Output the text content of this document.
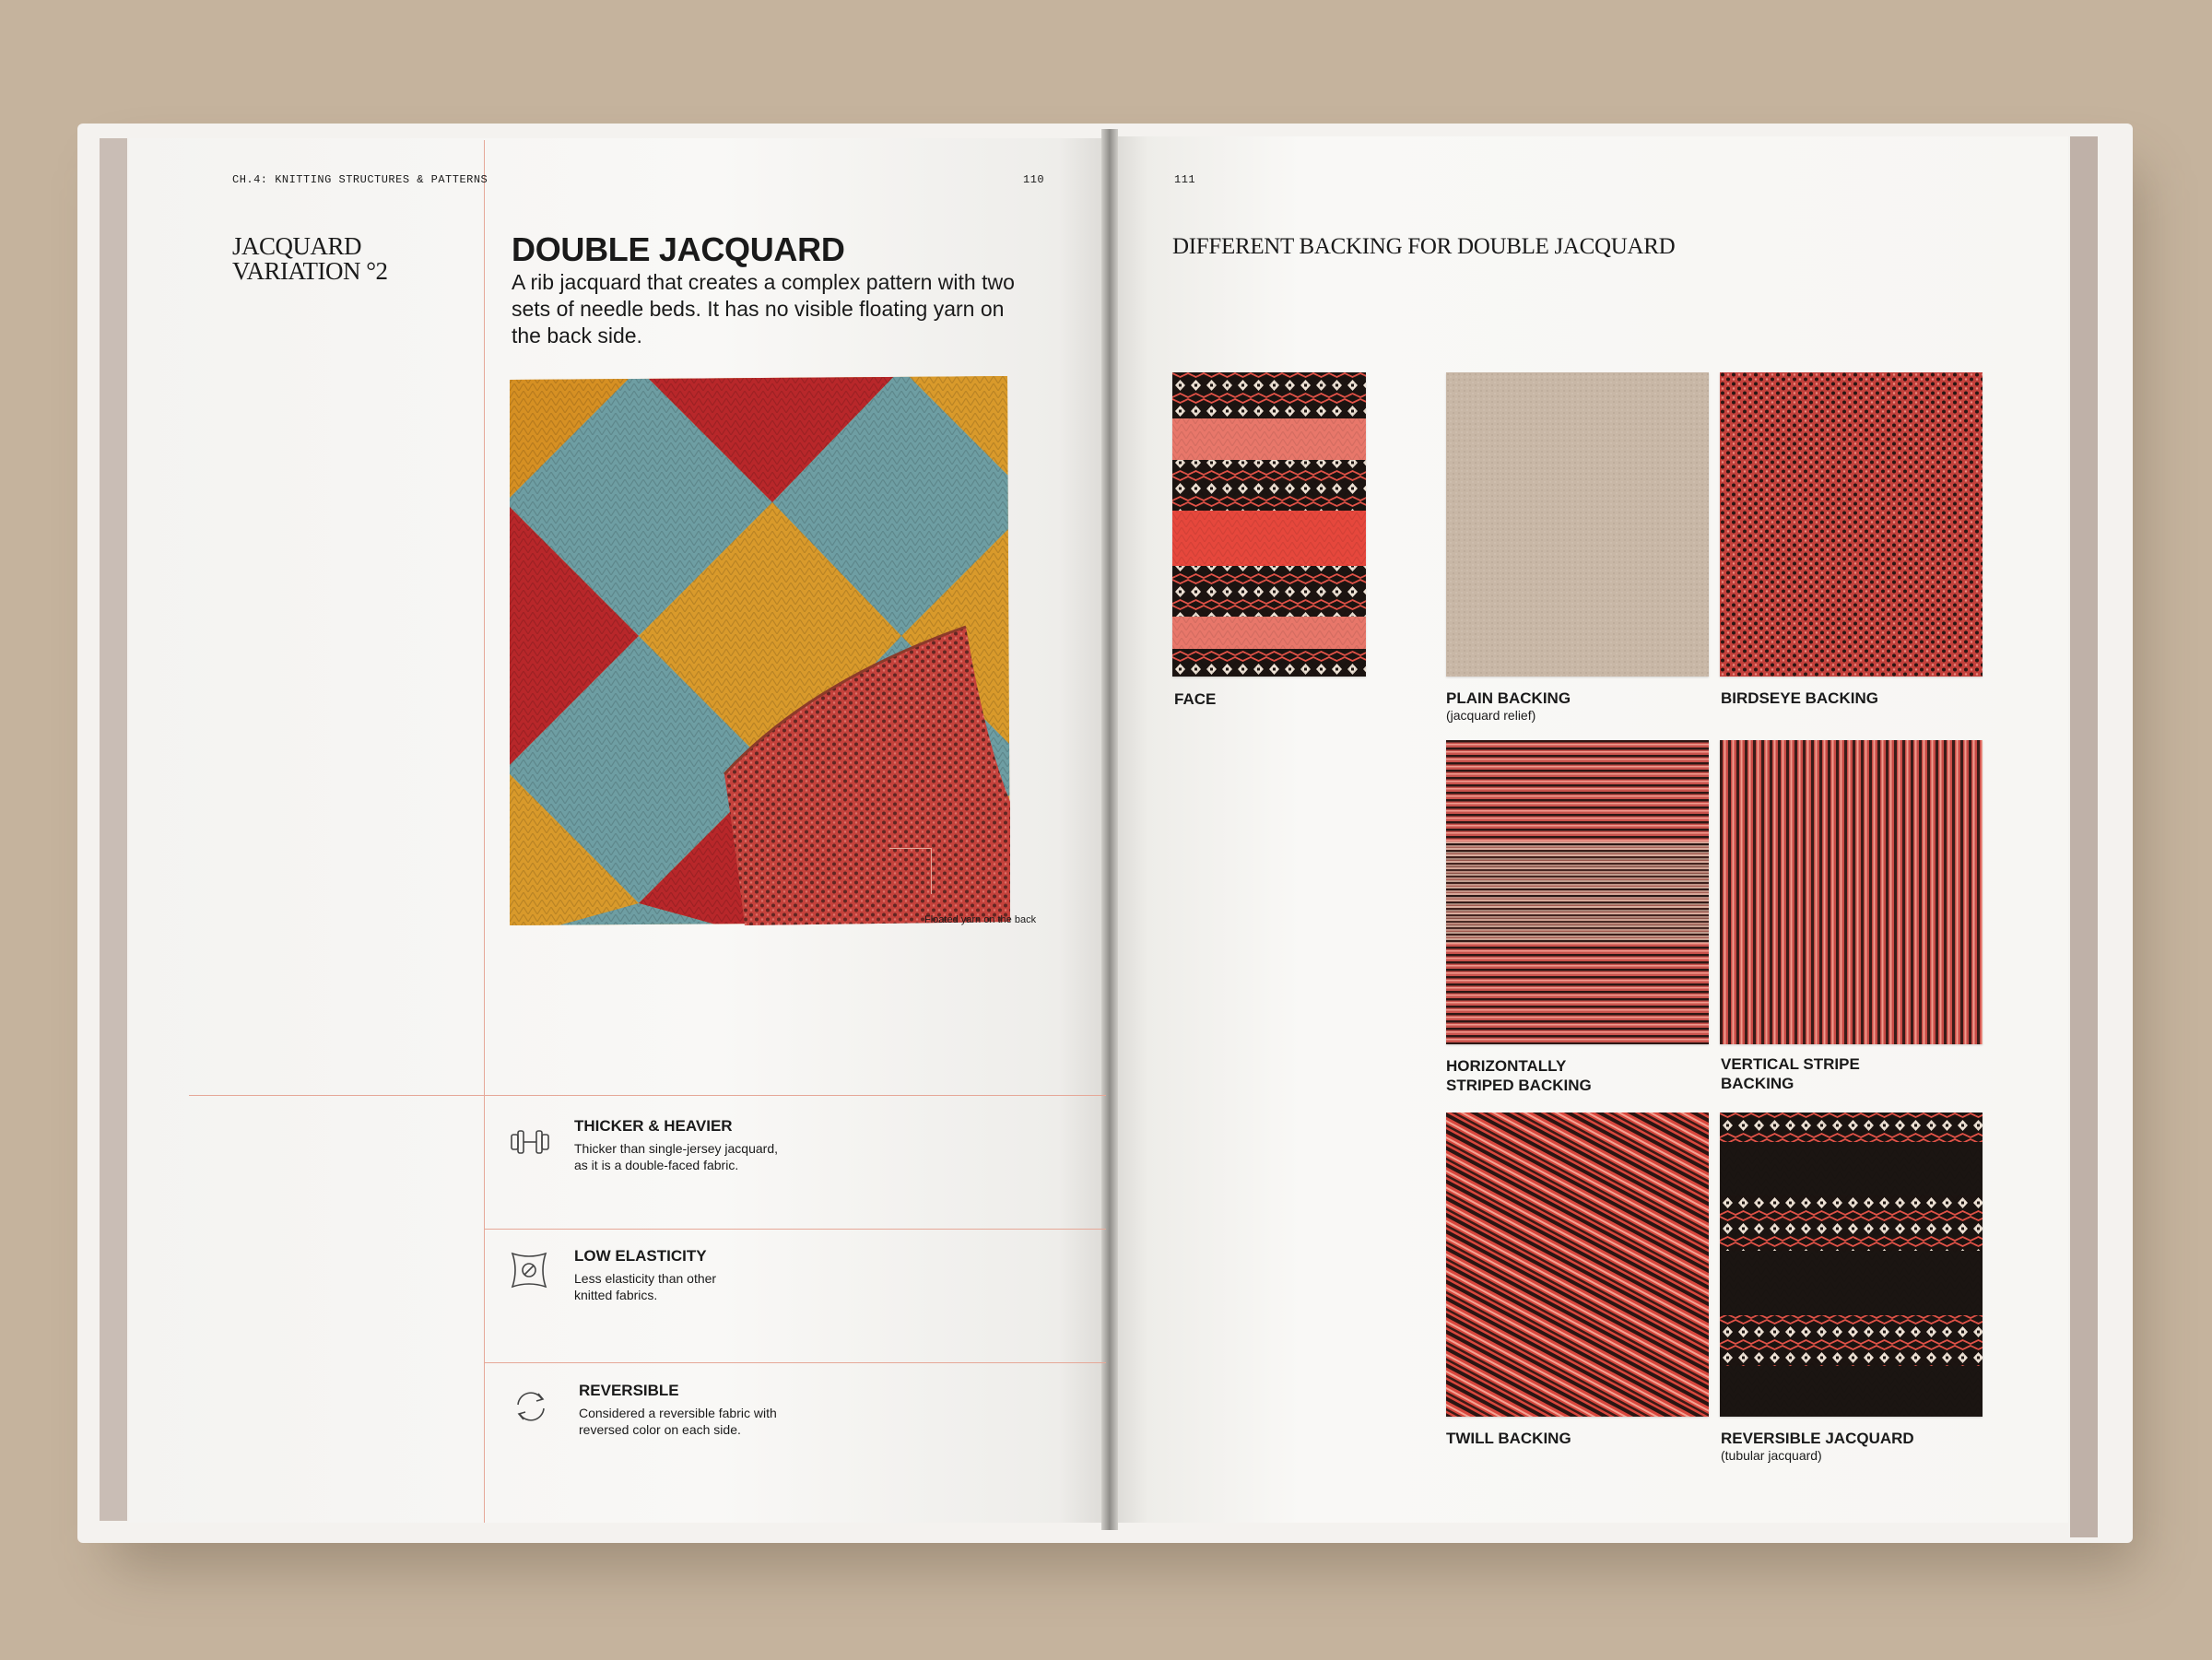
CH.4: KNITTING STRUCTURES & PATTERNS	110
JACQUARD
VARIATION °2
DOUBLE JACQUARD
A rib jacquard that creates a complex pattern with two sets of needle beds. It has no visible floating yarn on the back side.
Floated yarn on the back
THICKER & HEAVIER
Thicker than single-jersey jacquard,
as it is a double-faced fabric.
LOW ELASTICITY
Less elasticity than other
knitted fabrics.
REVERSIBLE
Considered a reversible fabric with
reversed color on each side.
111
DIFFERENT BACKING FOR DOUBLE JACQUARD
FACE	PLAIN BACKING
(jacquard relief)
BIRDSEYE BACKING
HORIZONTALLY
STRIPED BACKING
VERTICAL STRIPE
BACKING
TWILL BACKING	REVERSIBLE JACQUARD
(tubular jacquard)
